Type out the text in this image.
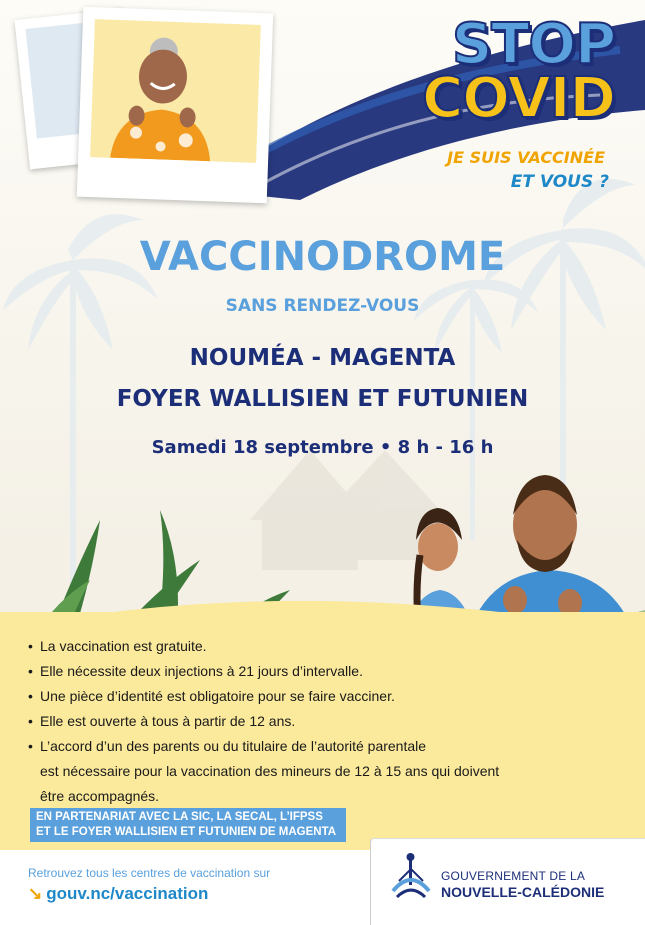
STOP
COVID
JE SUIS VACCINÉE
ET VOUS ?
VACCINODROME
SANS RENDEZ-VOUS
NOUMÉA - MAGENTA
FOYER WALLISIEN ET FUTUNIEN
Samedi 18 septembre • 8 h - 16 h
• La vaccination est gratuite.
• Elle nécessite deux injections à 21 jours d’intervalle.
• Une pièce d’identité est obligatoire pour se faire vacciner.
• Elle est ouverte à tous à partir de 12 ans.
• L’accord d’un des parents ou du titulaire de l’autorité parentale
est nécessaire pour la vaccination des mineurs de 12 à 15 ans qui doivent
être accompagnés.
EN PARTENARIAT AVEC LA SIC, LA SECAL, L’IFPSS
ET LE FOYER WALLISIEN ET FUTUNIEN DE MAGENTA
Retrouvez tous les centres de vaccination sur
↘ gouv.nc/vaccination
GOUVERNEMENT DE LA
NOUVELLE-CALÉDONIE
